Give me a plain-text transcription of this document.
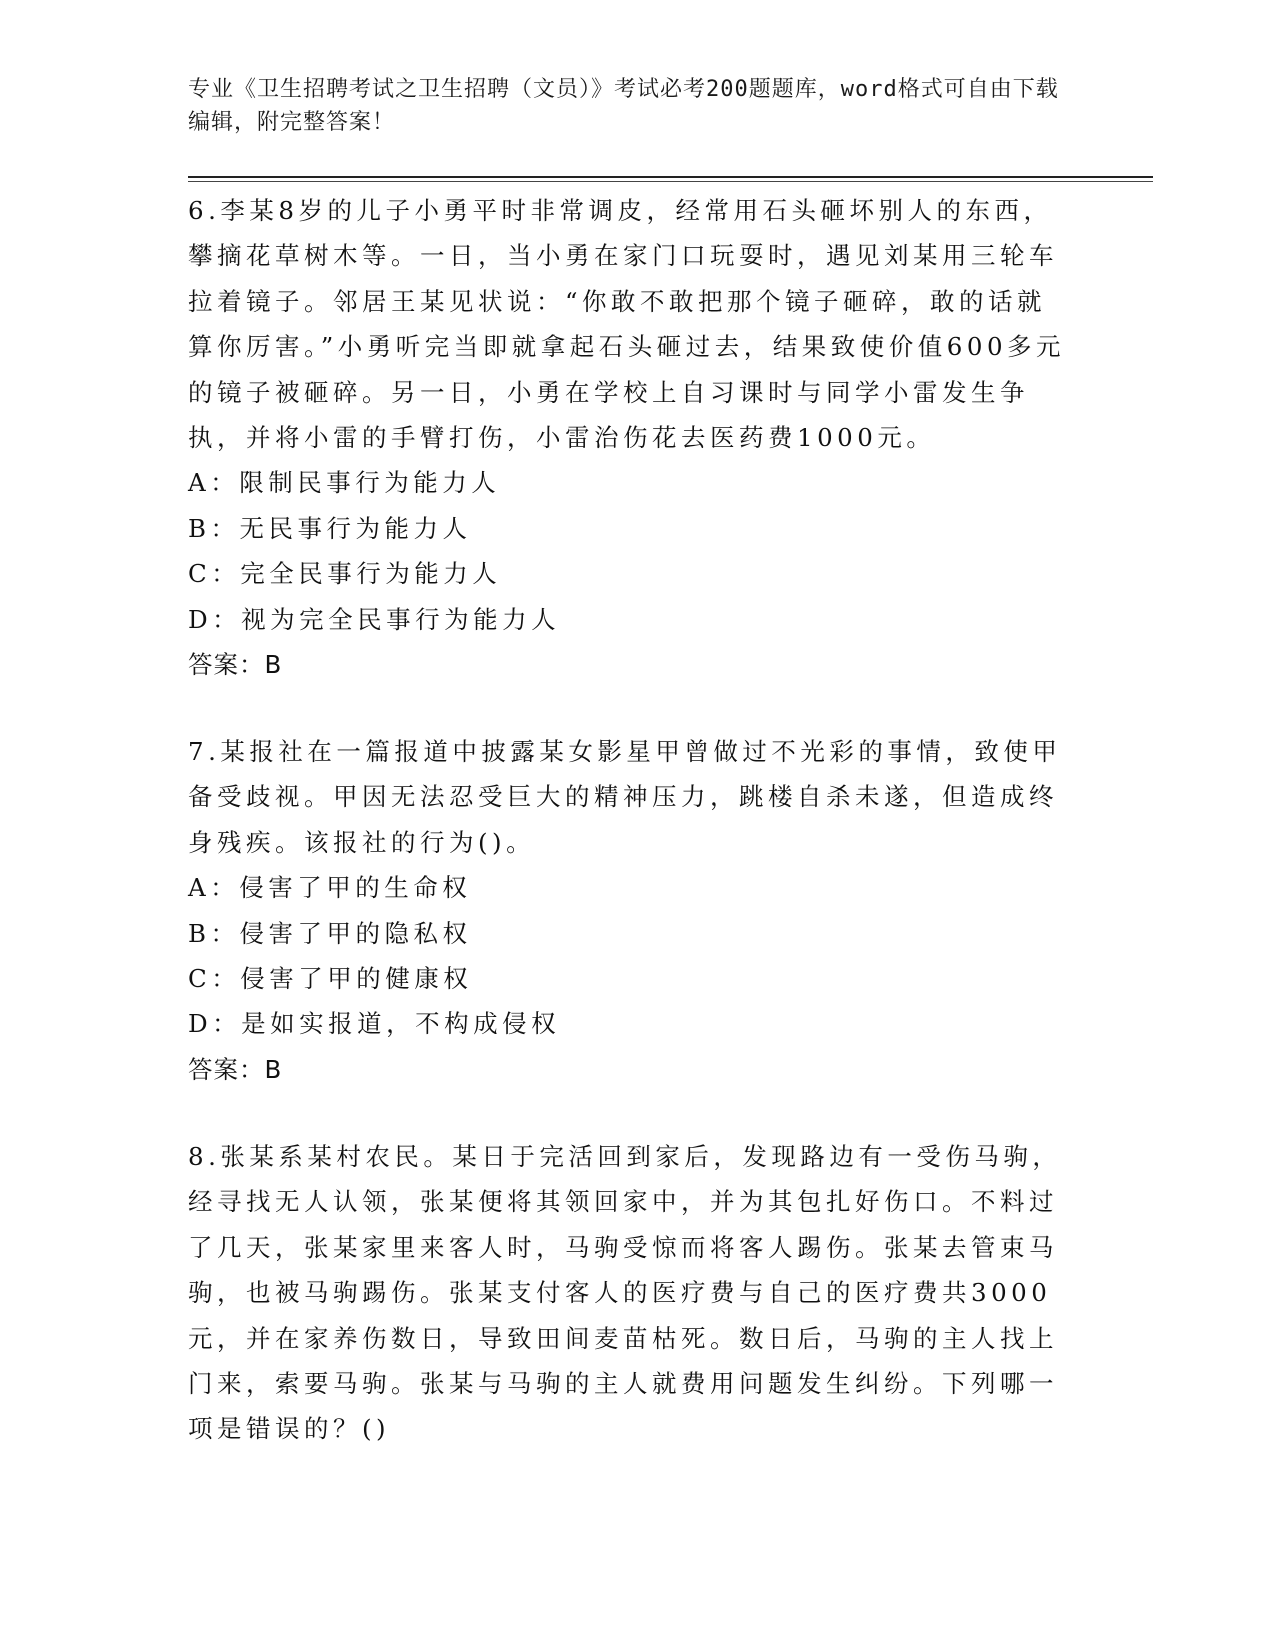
专业《卫生招聘考试之卫生招聘（文员）》考试必考200题题库，word格式可自由下载编辑，附完整答案！

6.李某8岁的儿子小勇平时非常调皮，经常用石头砸坏别人的东西，攀摘花草树木等。一日，当小勇在家门口玩耍时，遇见刘某用三轮车拉着镜子。邻居王某见状说：“你敢不敢把那个镜子砸碎，敢的话就算你厉害。”小勇听完当即就拿起石头砸过去，结果致使价值600多元的镜子被砸碎。另一日，小勇在学校上自习课时与同学小雷发生争执，并将小雷的手臂打伤，小雷治伤花去医药费1000元。

A：限制民事行为能力人

B：无民事行为能力人

C：完全民事行为能力人

D：视为完全民事行为能力人

答案：B

7.某报社在一篇报道中披露某女影星甲曾做过不光彩的事情，致使甲备受歧视。甲因无法忍受巨大的精神压力，跳楼自杀未遂，但造成终身残疾。该报社的行为()。

A：侵害了甲的生命权

B：侵害了甲的隐私权

C：侵害了甲的健康权

D：是如实报道，不构成侵权

答案：B

8.张某系某村农民。某日于完活回到家后，发现路边有一受伤马驹，经寻找无人认领，张某便将其领回家中，并为其包扎好伤口。不料过了几天，张某家里来客人时，马驹受惊而将客人踢伤。张某去管束马驹，也被马驹踢伤。张某支付客人的医疗费与自己的医疗费共3000元，并在家养伤数日，导致田间麦苗枯死。数日后，马驹的主人找上门来，索要马驹。张某与马驹的主人就费用问题发生纠纷。下列哪一项是错误的？()
